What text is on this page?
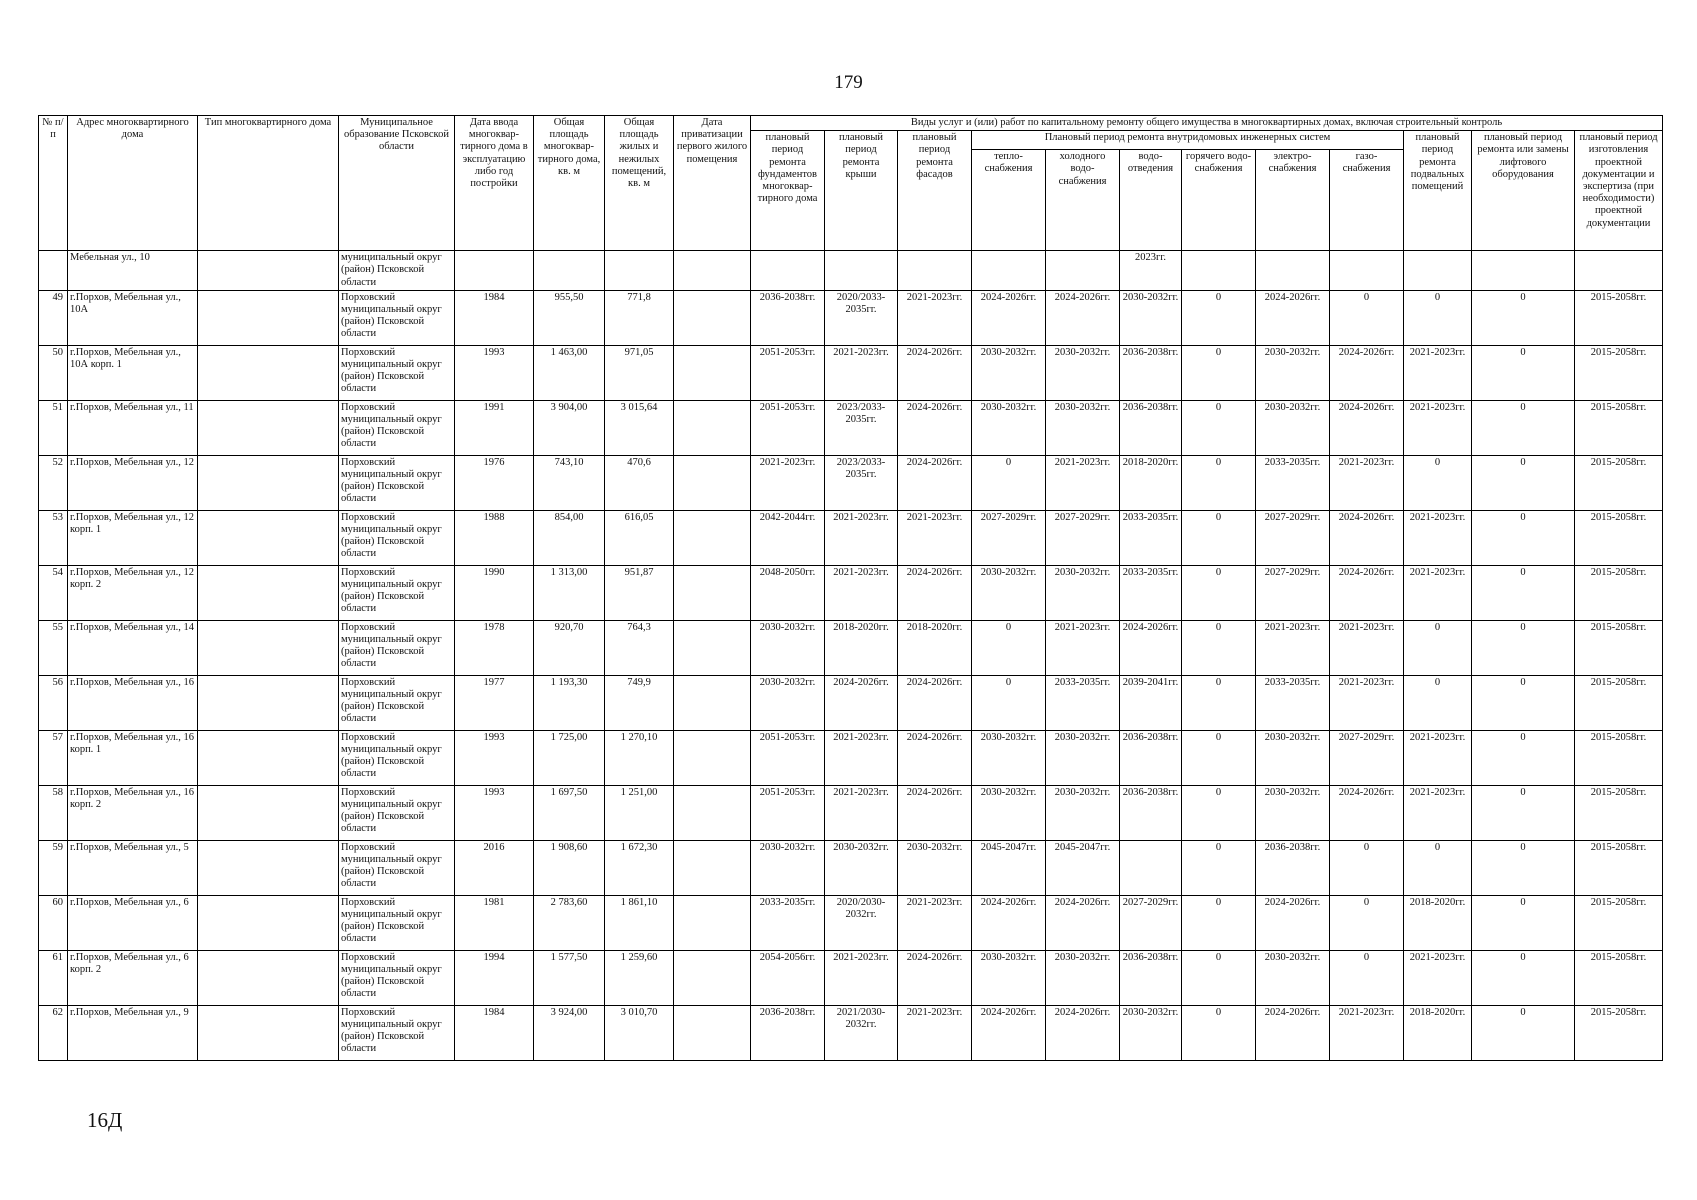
179
№ п/п	Адрес многоквартирного дома	Тип многоквартирного дома	Муниципальное образование Псковской области	Дата ввода многоквар-тирного дома в эксплуатацию либо год постройки	Общая площадь многоквар-тирного дома, кв. м	Общая площадь жилых и нежилых помещений, кв. м	Дата приватизации первого жилого помещения	Виды услуг и (или) работ по капитальному ремонту общего имущества в многоквартирных домах, включая строительный контроль											
								плановый период ремонта фундаментов многоквар-тирного дома	плановый период ремонта крыши	плановый период ремонта фасадов	Плановый период ремонта внутридомовых инженерных систем						плановый период ремонта подвальных помещений	плановый период ремонта или замены лифтового оборудования	плановый период изготовления проектной документации и экспертиза (при необходимости) проектной документации
											тепло-снабжения	холодного водо-снабжения	водо-отведения	горячего водо-снабжения	электро-снабжения	газо-снабжения			
	Мебельная ул., 10		муниципальный округ (район) Псковской области										2023гг.						
49	г.Порхов, Мебельная ул., 10А		Порховский муниципальный округ (район) Псковской области	1984	955,50	771,8		2036-2038гг.	2020/2033-2035гг.	2021-2023гг.	2024-2026гг.	2024-2026гг.	2030-2032гг.	0	2024-2026гг.	0	0	0	2015-2058гг.
50	г.Порхов, Мебельная ул., 10А корп. 1		Порховский муниципальный округ (район) Псковской области	1993	1 463,00	971,05		2051-2053гг.	2021-2023гг.	2024-2026гг.	2030-2032гг.	2030-2032гг.	2036-2038гг.	0	2030-2032гг.	2024-2026гг.	2021-2023гг.	0	2015-2058гг.
51	г.Порхов, Мебельная ул., 11		Порховский муниципальный округ (район) Псковской области	1991	3 904,00	3 015,64		2051-2053гг.	2023/2033-2035гг.	2024-2026гг.	2030-2032гг.	2030-2032гг.	2036-2038гг.	0	2030-2032гг.	2024-2026гг.	2021-2023гг.	0	2015-2058гг.
52	г.Порхов, Мебельная ул., 12		Порховский муниципальный округ (район) Псковской области	1976	743,10	470,6		2021-2023гг.	2023/2033-2035гг.	2024-2026гг.	0	2021-2023гг.	2018-2020гг.	0	2033-2035гг.	2021-2023гг.	0	0	2015-2058гг.
53	г.Порхов, Мебельная ул., 12 корп. 1		Порховский муниципальный округ (район) Псковской области	1988	854,00	616,05		2042-2044гг.	2021-2023гг.	2021-2023гг.	2027-2029гг.	2027-2029гг.	2033-2035гг.	0	2027-2029гг.	2024-2026гг.	2021-2023гг.	0	2015-2058гг.
54	г.Порхов, Мебельная ул., 12 корп. 2		Порховский муниципальный округ (район) Псковской области	1990	1 313,00	951,87		2048-2050гг.	2021-2023гг.	2024-2026гг.	2030-2032гг.	2030-2032гг.	2033-2035гг.	0	2027-2029гг.	2024-2026гг.	2021-2023гг.	0	2015-2058гг.
55	г.Порхов, Мебельная ул., 14		Порховский муниципальный округ (район) Псковской области	1978	920,70	764,3		2030-2032гг.	2018-2020гг.	2018-2020гг.	0	2021-2023гг.	2024-2026гг.	0	2021-2023гг.	2021-2023гг.	0	0	2015-2058гг.
56	г.Порхов, Мебельная ул., 16		Порховский муниципальный округ (район) Псковской области	1977	1 193,30	749,9		2030-2032гг.	2024-2026гг.	2024-2026гг.	0	2033-2035гг.	2039-2041гг.	0	2033-2035гг.	2021-2023гг.	0	0	2015-2058гг.
57	г.Порхов, Мебельная ул., 16 корп. 1		Порховский муниципальный округ (район) Псковской области	1993	1 725,00	1 270,10		2051-2053гг.	2021-2023гг.	2024-2026гг.	2030-2032гг.	2030-2032гг.	2036-2038гг.	0	2030-2032гг.	2027-2029гг.	2021-2023гг.	0	2015-2058гг.
58	г.Порхов, Мебельная ул., 16 корп. 2		Порховский муниципальный округ (район) Псковской области	1993	1 697,50	1 251,00		2051-2053гг.	2021-2023гг.	2024-2026гг.	2030-2032гг.	2030-2032гг.	2036-2038гг.	0	2030-2032гг.	2024-2026гг.	2021-2023гг.	0	2015-2058гг.
59	г.Порхов, Мебельная ул., 5		Порховский муниципальный округ (район) Псковской области	2016	1 908,60	1 672,30		2030-2032гг.	2030-2032гг.	2030-2032гг.	2045-2047гг.	2045-2047гг.		0	2036-2038гг.	0	0	0	2015-2058гг.
60	г.Порхов, Мебельная ул., 6		Порховский муниципальный округ (район) Псковской области	1981	2 783,60	1 861,10		2033-2035гг.	2020/2030-2032гг.	2021-2023гг.	2024-2026гг.	2024-2026гг.	2027-2029гг.	0	2024-2026гг.	0	2018-2020гг.	0	2015-2058гг.
61	г.Порхов, Мебельная ул., 6 корп. 2		Порховский муниципальный округ (район) Псковской области	1994	1 577,50	1 259,60		2054-2056гг.	2021-2023гг.	2024-2026гг.	2030-2032гг.	2030-2032гг.	2036-2038гг.	0	2030-2032гг.	0	2021-2023гг.	0	2015-2058гг.
62	г.Порхов, Мебельная ул., 9		Порховский муниципальный округ (район) Псковской области	1984	3 924,00	3 010,70		2036-2038гг.	2021/2030-2032гг.	2021-2023гг.	2024-2026гг.	2024-2026гг.	2030-2032гг.	0	2024-2026гг.	2021-2023гг.	2018-2020гг.	0	2015-2058гг.
16Д
